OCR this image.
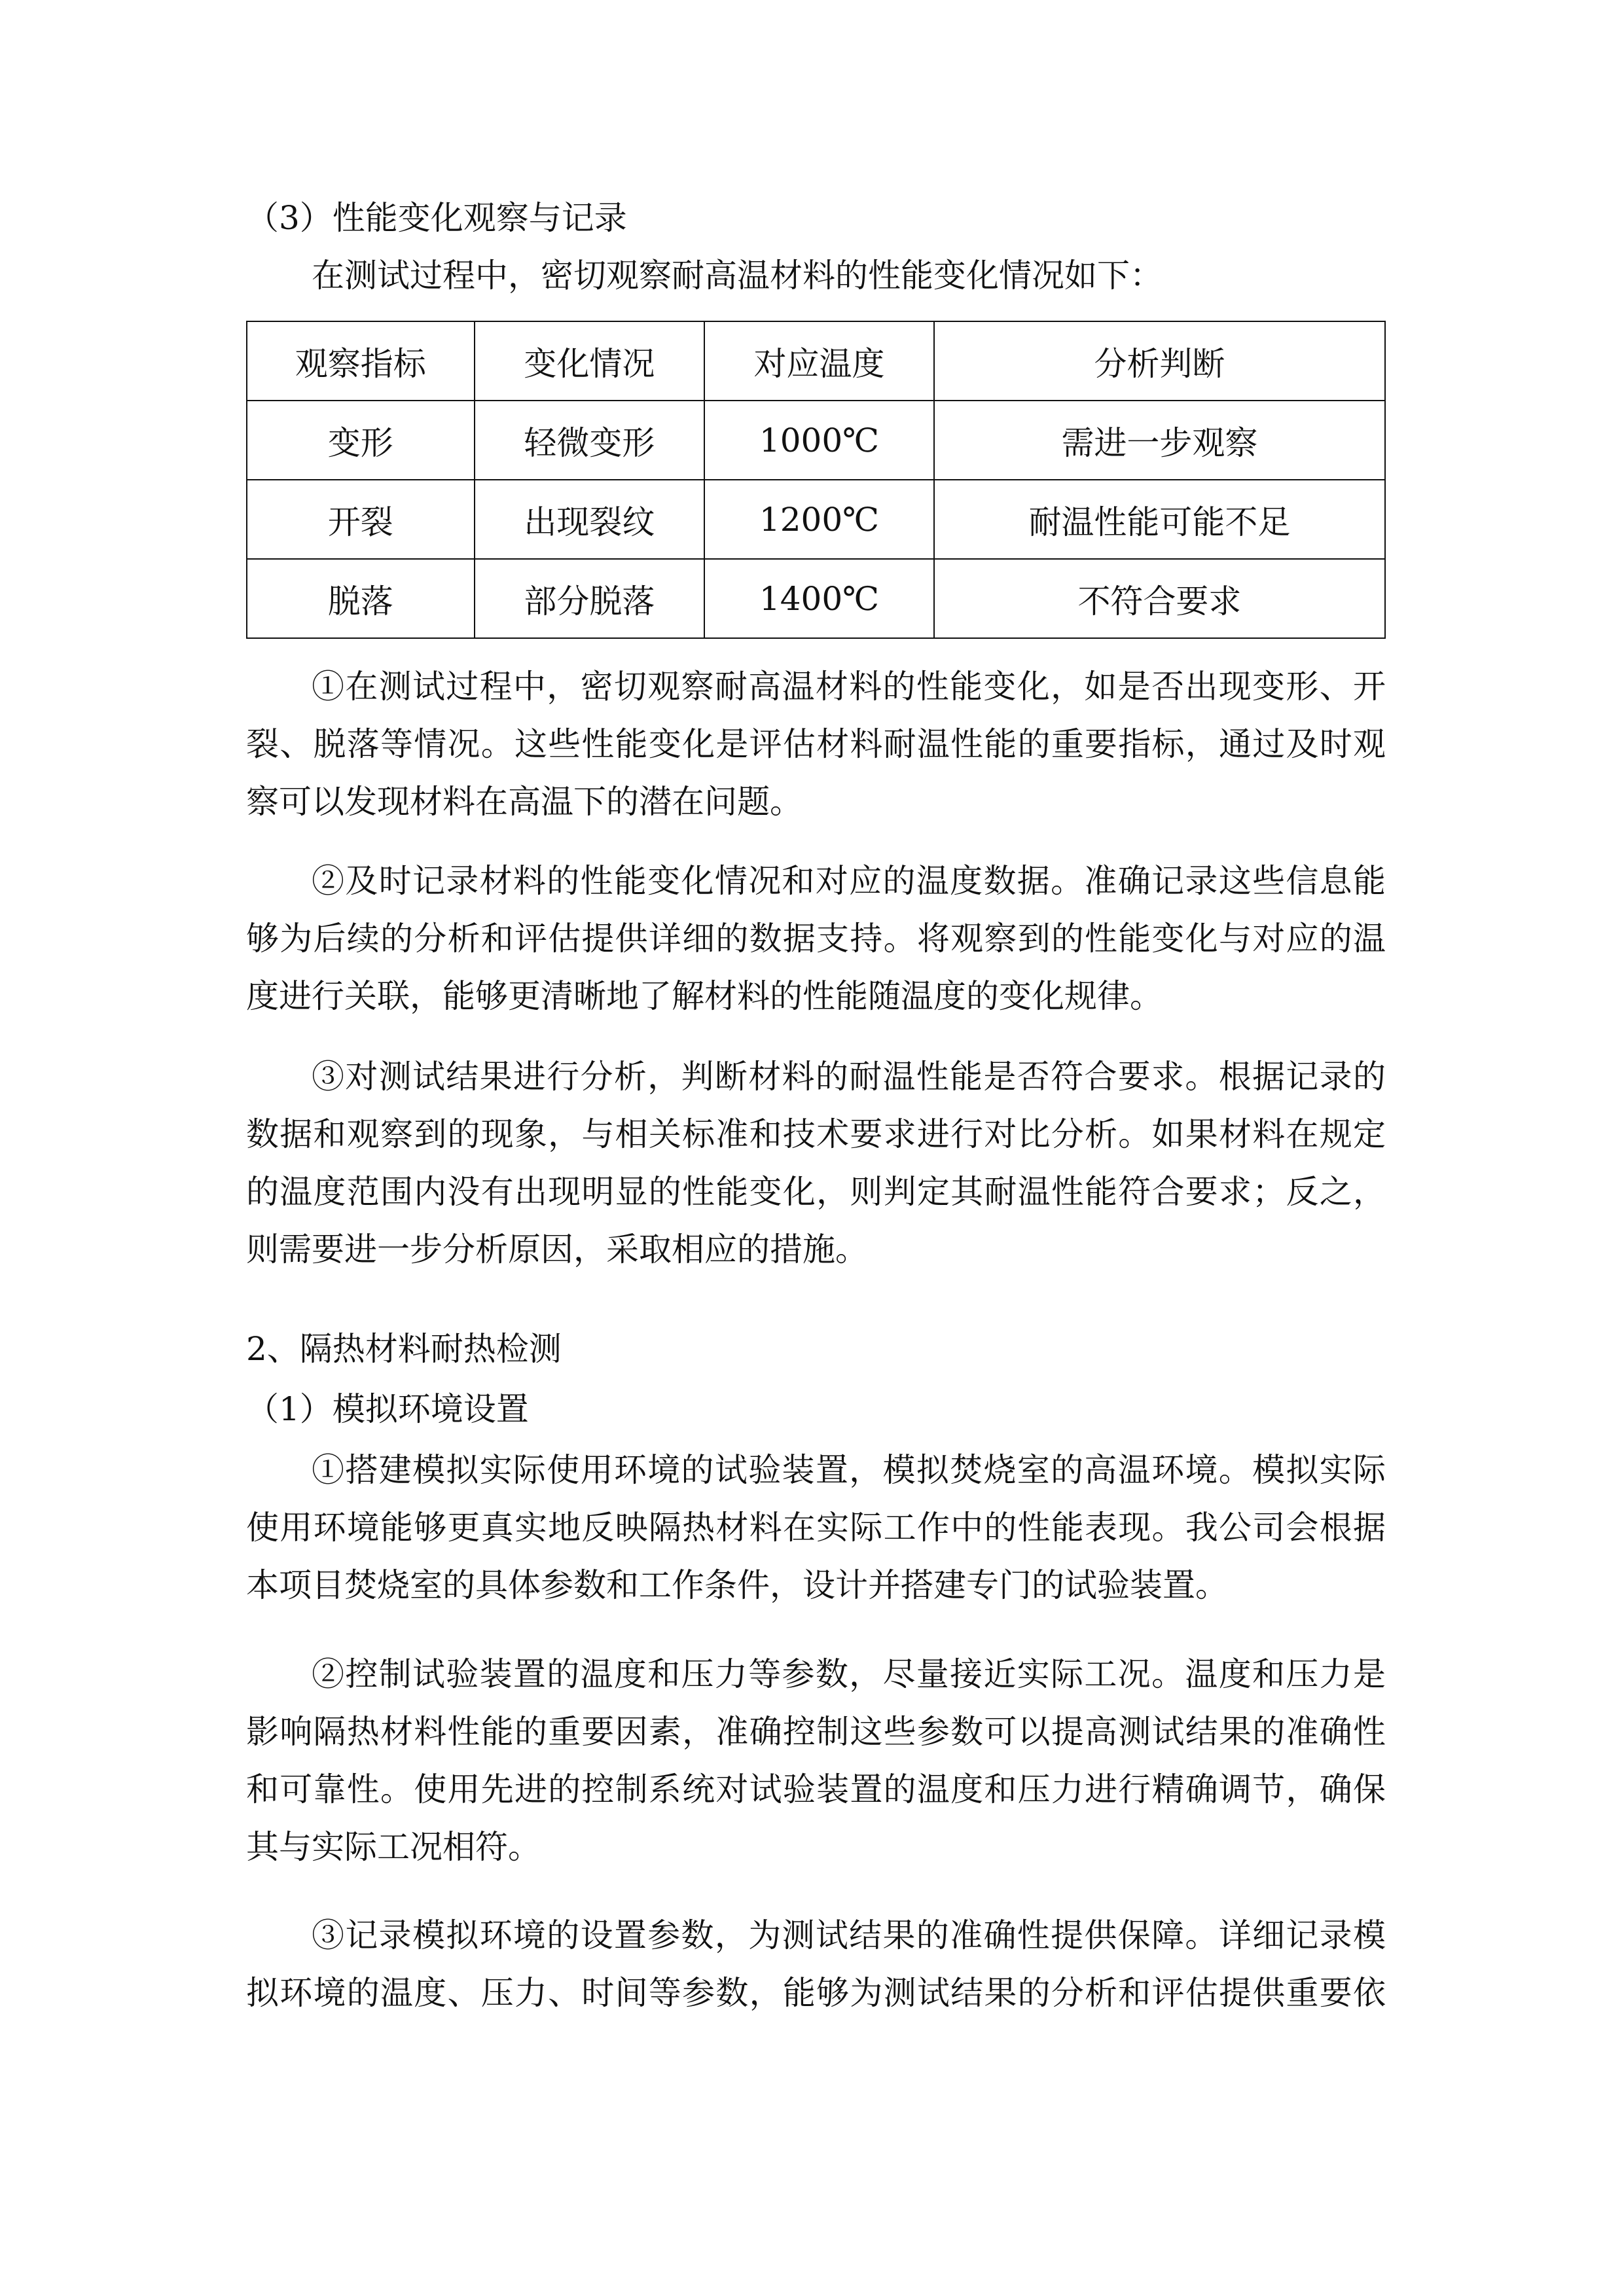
（3）性能变化观察与记录
在测试过程中，密切观察耐高温材料的性能变化情况如下：
观察指标	变化情况	对应温度	分析判断
变形	轻微变形	1000℃	需进一步观察
开裂	出现裂纹	1200℃	耐温性能可能不足
脱落	部分脱落	1400℃	不符合要求
①在测试过程中，密切观察耐高温材料的性能变化，如是否出现变形、开
裂、脱落等情况。这些性能变化是评估材料耐温性能的重要指标，通过及时观
察可以发现材料在高温下的潜在问题。
②及时记录材料的性能变化情况和对应的温度数据。准确记录这些信息能
够为后续的分析和评估提供详细的数据支持。将观察到的性能变化与对应的温
度进行关联，能够更清晰地了解材料的性能随温度的变化规律。
③对测试结果进行分析，判断材料的耐温性能是否符合要求。根据记录的
数据和观察到的现象，与相关标准和技术要求进行对比分析。如果材料在规定
的温度范围内没有出现明显的性能变化，则判定其耐温性能符合要求；反之，
则需要进一步分析原因，采取相应的措施。
2、隔热材料耐热检测
（1）模拟环境设置
①搭建模拟实际使用环境的试验装置，模拟焚烧室的高温环境。模拟实际
使用环境能够更真实地反映隔热材料在实际工作中的性能表现。我公司会根据
本项目焚烧室的具体参数和工作条件，设计并搭建专门的试验装置。
②控制试验装置的温度和压力等参数，尽量接近实际工况。温度和压力是
影响隔热材料性能的重要因素，准确控制这些参数可以提高测试结果的准确性
和可靠性。使用先进的控制系统对试验装置的温度和压力进行精确调节，确保
其与实际工况相符。
③记录模拟环境的设置参数，为测试结果的准确性提供保障。详细记录模
拟环境的温度、压力、时间等参数，能够为测试结果的分析和评估提供重要依
